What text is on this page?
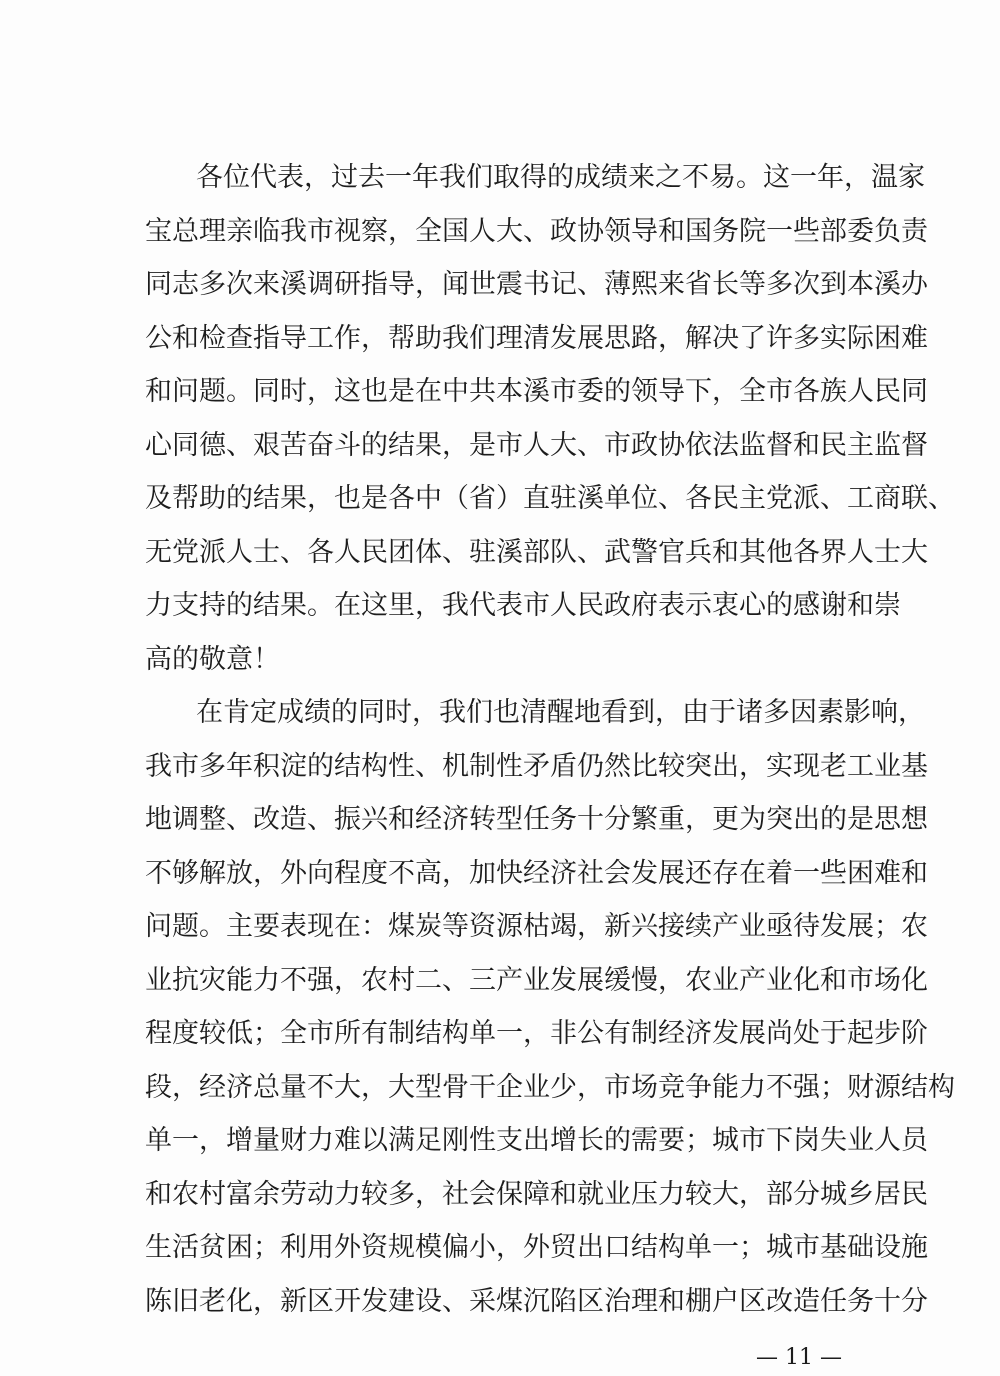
各位代表，过去一年我们取得的成绩来之不易。这一年，温家

宝总理亲临我市视察，全国人大、政协领导和国务院一些部委负责

同志多次来溪调研指导，闻世震书记、薄熙来省长等多次到本溪办

公和检查指导工作，帮助我们理清发展思路，解决了许多实际困难

和问题。同时，这也是在中共本溪市委的领导下，全市各族人民同

心同德、艰苦奋斗的结果，是市人大、市政协依法监督和民主监督

及帮助的结果，也是各中（省）直驻溪单位、各民主党派、工商联、

无党派人士、各人民团体、驻溪部队、武警官兵和其他各界人士大

力支持的结果。在这里，我代表市人民政府表示衷心的感谢和崇

高的敬意！

在肯定成绩的同时，我们也清醒地看到，由于诸多因素影响，

我市多年积淀的结构性、机制性矛盾仍然比较突出，实现老工业基

地调整、改造、振兴和经济转型任务十分繁重，更为突出的是思想

不够解放，外向程度不高，加快经济社会发展还存在着一些困难和

问题。主要表现在：煤炭等资源枯竭，新兴接续产业亟待发展；农

业抗灾能力不强，农村二、三产业发展缓慢，农业产业化和市场化

程度较低；全市所有制结构单一，非公有制经济发展尚处于起步阶

段，经济总量不大，大型骨干企业少，市场竞争能力不强；财源结构

单一，增量财力难以满足刚性支出增长的需要；城市下岗失业人员

和农村富余劳动力较多，社会保障和就业压力较大，部分城乡居民

生活贫困；利用外资规模偏小，外贸出口结构单一；城市基础设施

陈旧老化，新区开发建设、采煤沉陷区治理和棚户区改造任务十分

— 11 —
